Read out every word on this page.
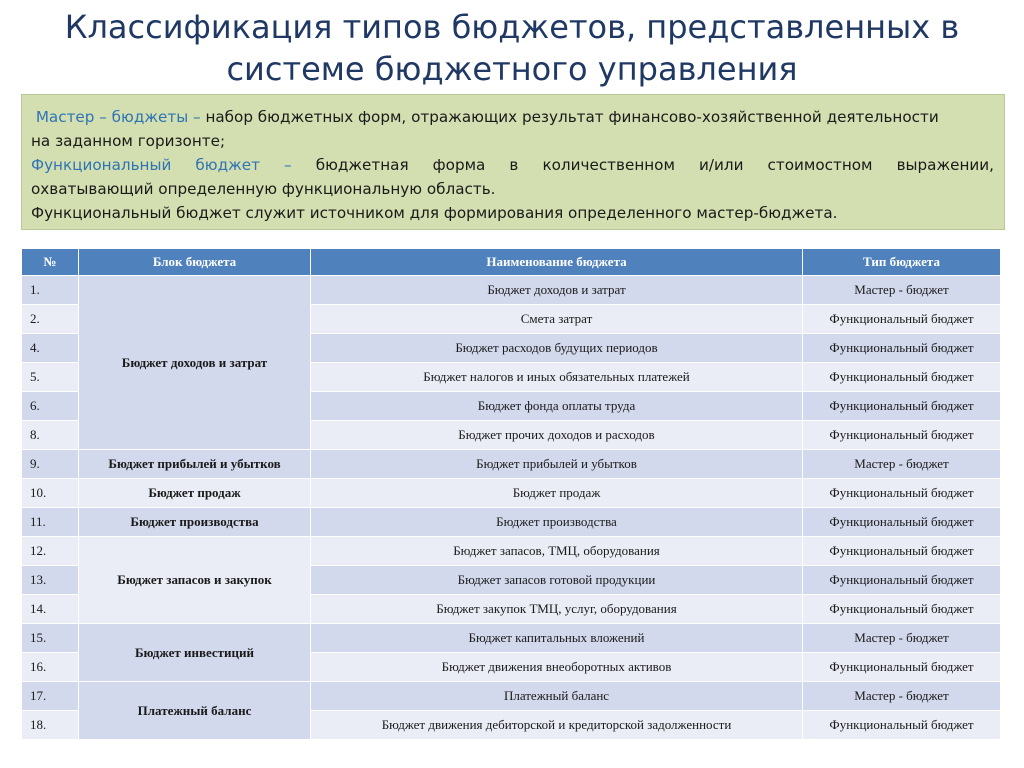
Классификация типов бюджетов, представленных в
системе бюджетного управления

Мастер – бюджеты – набор бюджетных форм, отражающих результат финансово-хозяйственной деятельности

на заданном горизонте;

Функциональный бюджет – бюджетная форма в количественном и/или стоимостном выражении,

охватывающий определенную функциональную область.

Функциональный бюджет служит источником для формирования определенного мастер-бюджета.

№	Блок бюджета	Наименование бюджета	Тип бюджета
1.	Бюджет доходов и затрат	Бюджет доходов и затрат	Мастер - бюджет
2.		Смета затрат	Функциональный бюджет
4.		Бюджет расходов будущих периодов	Функциональный бюджет
5.		Бюджет налогов и иных обязательных платежей	Функциональный бюджет
6.		Бюджет фонда оплаты труда	Функциональный бюджет
8.		Бюджет прочих доходов и расходов	Функциональный бюджет
9.	Бюджет прибылей и убытков	Бюджет прибылей и убытков	Мастер - бюджет
10.	Бюджет продаж	Бюджет продаж	Функциональный бюджет
11.	Бюджет производства	Бюджет производства	Функциональный бюджет
12.	Бюджет запасов и закупок	Бюджет запасов, ТМЦ, оборудования	Функциональный бюджет
13.		Бюджет запасов готовой продукции	Функциональный бюджет
14.		Бюджет закупок ТМЦ, услуг, оборудования	Функциональный бюджет
15.	Бюджет инвестиций	Бюджет капитальных вложений	Мастер - бюджет
16.		Бюджет движения внеоборотных активов	Функциональный бюджет
17.	Платежный баланс	Платежный баланс	Мастер - бюджет
18.		Бюджет движения дебиторской и кредиторской задолженности	Функциональный бюджет
